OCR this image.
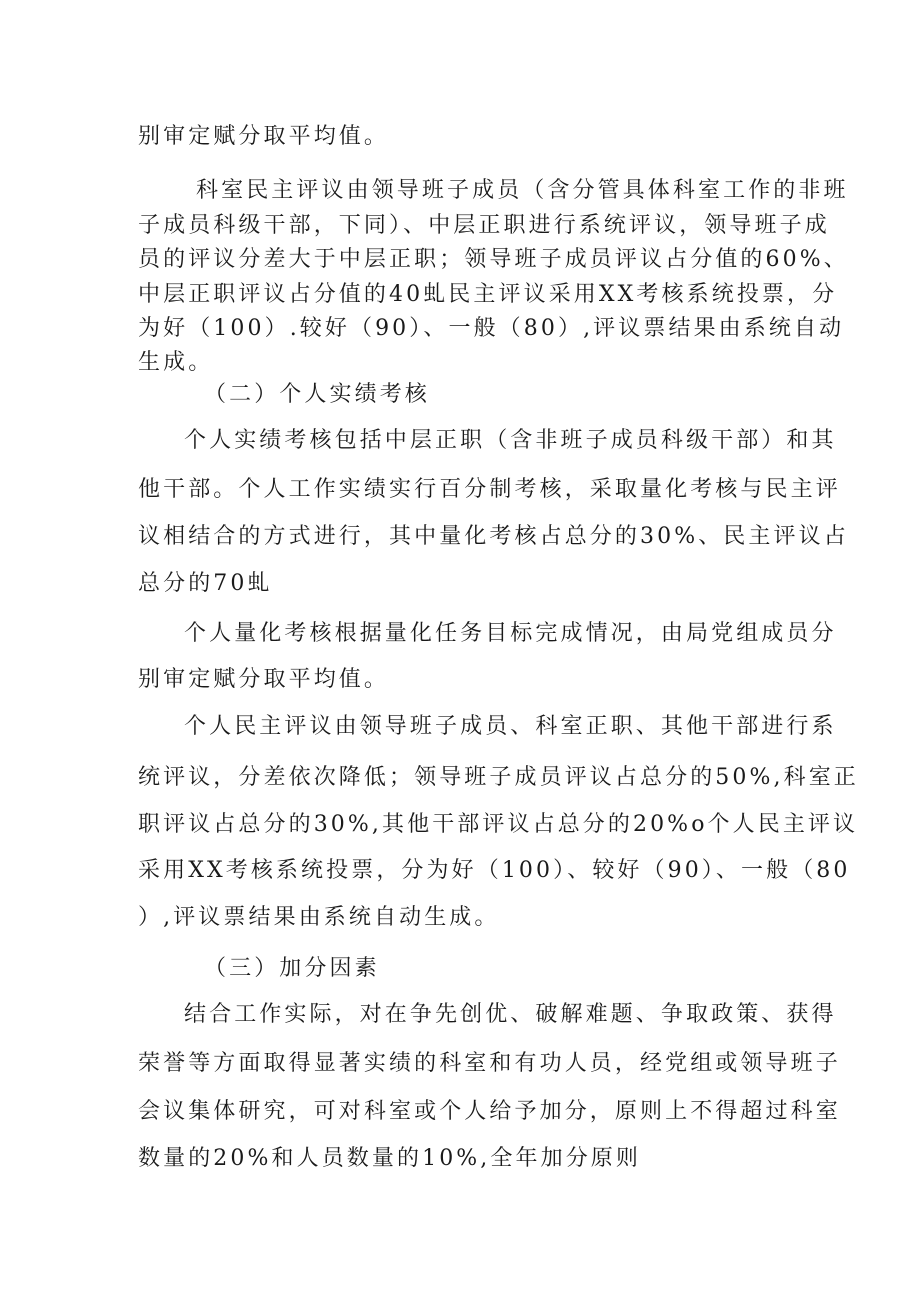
别审定赋分取平均值。
科室民主评议由领导班子成员（含分管具体科室工作的非班
子成员科级干部，下同）、中层正职进行系统评议，领导班子成
员的评议分差大于中层正职；领导班子成员评议占分值的60%、
中层正职评议占分值的40虬民主评议采用XX考核系统投票，分
为好（100）.较好（90）、一般（80）,评议票结果由系统自动
生成。
（二）个人实绩考核
个人实绩考核包括中层正职（含非班子成员科级干部）和其
他干部。个人工作实绩实行百分制考核，采取量化考核与民主评
议相结合的方式进行，其中量化考核占总分的30%、民主评议占
总分的70虬
个人量化考核根据量化任务目标完成情况，由局党组成员分
别审定赋分取平均值。
个人民主评议由领导班子成员、科室正职、其他干部进行系
统评议，分差依次降低；领导班子成员评议占总分的50%,科室正
职评议占总分的30%,其他干部评议占总分的20%o个人民主评议
采用XX考核系统投票，分为好（100）、较好（90）、一般（80
）,评议票结果由系统自动生成。
（三）加分因素
结合工作实际，对在争先创优、破解难题、争取政策、获得
荣誉等方面取得显著实绩的科室和有功人员，经党组或领导班子
会议集体研究，可对科室或个人给予加分，原则上不得超过科室
数量的20%和人员数量的10%,全年加分原则
